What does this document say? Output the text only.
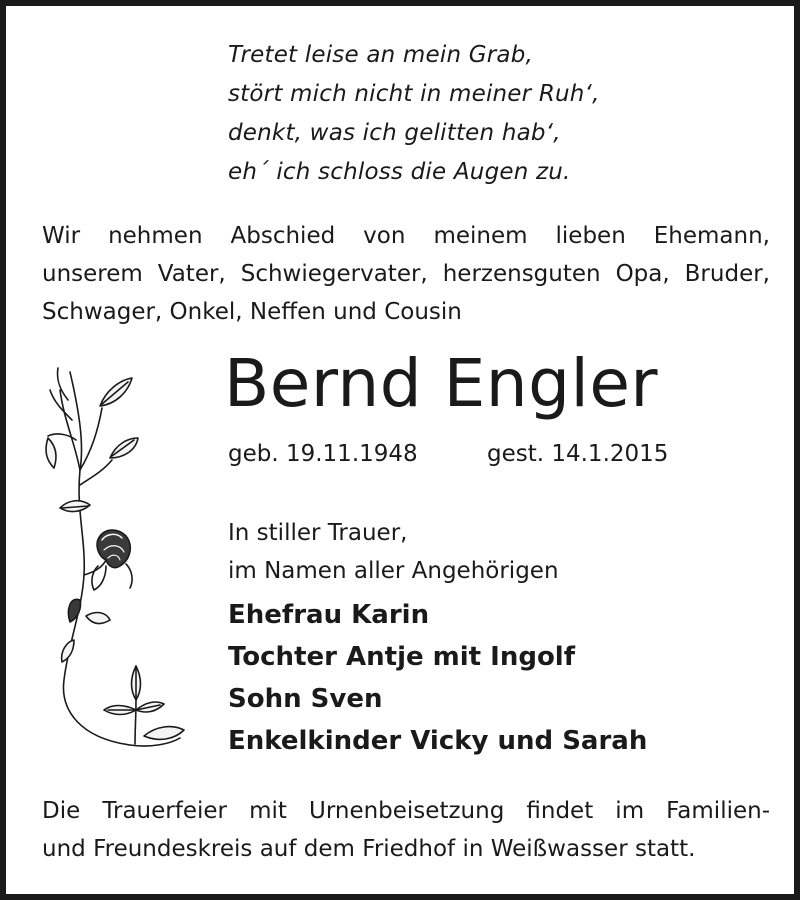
Tretet leise an mein Grab,
stört mich nicht in meiner Ruh‘,
denkt, was ich gelitten hab‘,
eh´ ich schloss die Augen zu.
Wir nehmen Abschied von meinem lieben Ehemann,
unserem Vater, Schwiegervater, herzensguten Opa, Bruder,
Schwager, Onkel, Neffen und Cousin
Bernd Engler
geb. 19.11.1948	gest. 14.1.2015
In stiller Trauer,
im Namen aller Angehörigen
Ehefrau Karin
Tochter Antje mit Ingolf
Sohn Sven
Enkelkinder Vicky und Sarah
Die Trauerfeier mit Urnenbeisetzung findet im Familien-
und Freundeskreis auf dem Friedhof in Weißwasser statt.
